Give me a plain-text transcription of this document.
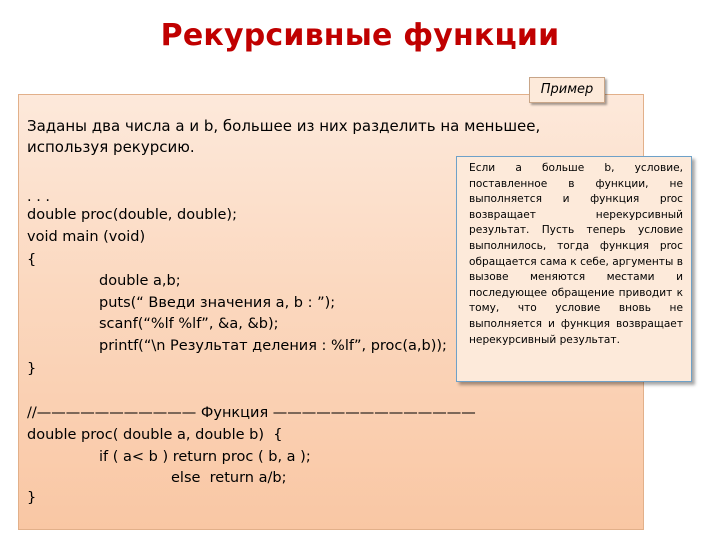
Рекурсивные функции
Пример
Заданы два числа a и b, большее из них разделить на меньшее, используя рекурсию.
. . .
double proc(double, double);
void main (void)
{
double a,b;
puts(“ Введи значения a, b : ”);
scanf(“%lf %lf”, &a, &b);
printf(“\n Результат деления : %lf”, proc(a,b));
}
//——————————— Функция ——————————————
double proc( double a, double b)  {
if ( a< b ) return proc ( b, a );
else  return a/b;
}
Если a больше b, условие, поставленное в функции, не выполняется и функция proc возвращает нерекурсивный результат. Пусть теперь условие выполнилось, тогда функция proc обращается сама к себе, аргументы в вызове меняются местами и последующее обращение приводит к тому, что условие вновь не выполняется и функция возвращает нерекурсивный результат.
